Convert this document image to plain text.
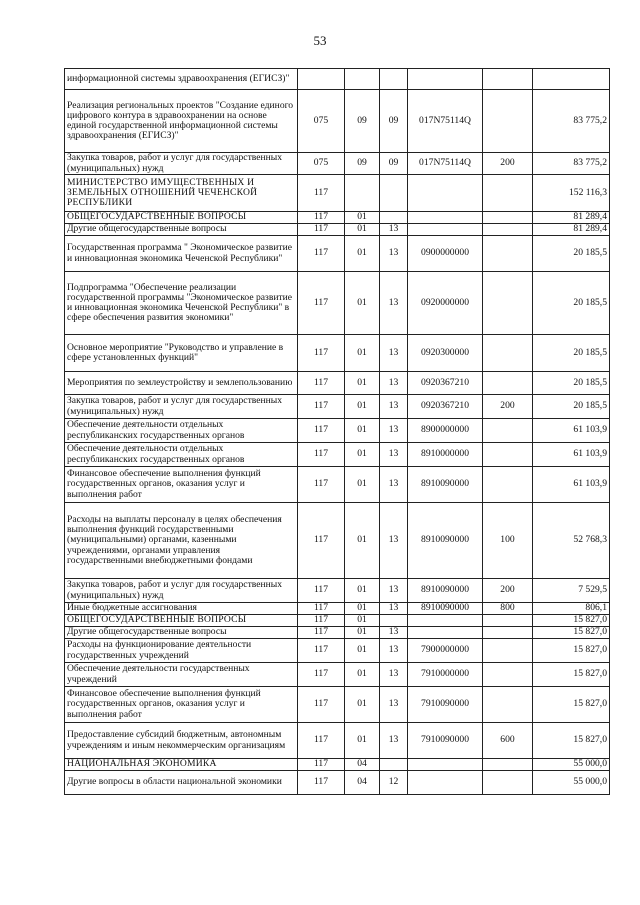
53
информационной системы здравоохранения (ЕГИСЗ)"						
Реализация региональных проектов "Создание единого цифрового контура в здравоохранении на основе единой государственной информационной системы здравоохранения (ЕГИСЗ)"	075	09	09	017N75114Q		83 775,2
Закупка товаров, работ и услуг для государственных (муниципальных) нужд	075	09	09	017N75114Q	200	83 775,2
МИНИСТЕРСТВО ИМУЩЕСТВЕННЫХ И ЗЕМЕЛЬНЫХ ОТНОШЕНИЙ ЧЕЧЕНСКОЙ РЕСПУБЛИКИ	117					152 116,3
ОБЩЕГОСУДАРСТВЕННЫЕ ВОПРОСЫ	117	01				81 289,4
Другие общегосударственные вопросы	117	01	13			81 289,4
Государственная программа " Экономическое развитие и инновационная экономика Чеченской Республики"	117	01	13	0900000000		20 185,5
Подпрограмма "Обеспечение реализации государственной программы "Экономическое развитие и инновационная экономика Чеченской Республики" в сфере обеспечения развития экономики"	117	01	13	0920000000		20 185,5
Основное мероприятие "Руководство и управление в сфере установленных функций"	117	01	13	0920300000		20 185,5
Мероприятия по землеустройству и землепользованию	117	01	13	0920367210		20 185,5
Закупка товаров, работ и услуг для государственных (муниципальных) нужд	117	01	13	0920367210	200	20 185,5
Обеспечение деятельности отдельных республиканских государственных органов	117	01	13	8900000000		61 103,9
Обеспечение деятельности отдельных республиканских государственных органов	117	01	13	8910000000		61 103,9
Финансовое обеспечение выполнения функций государственных органов, оказания услуг и выполнения работ	117	01	13	8910090000		61 103,9
Расходы на выплаты персоналу в целях обеспечения выполнения функций государственными (муниципальными) органами, казенными учреждениями, органами управления государственными внебюджетными фондами	117	01	13	8910090000	100	52 768,3
Закупка товаров, работ и услуг для государственных (муниципальных) нужд	117	01	13	8910090000	200	7 529,5
Иные бюджетные ассигнования	117	01	13	8910090000	800	806,1
ОБЩЕГОСУДАРСТВЕННЫЕ ВОПРОСЫ	117	01				15 827,0
Другие общегосударственные вопросы	117	01	13			15 827,0
Расходы на функционирование деятельности государственных учреждений	117	01	13	7900000000		15 827,0
Обеспечение деятельности государственных учреждений	117	01	13	7910000000		15 827,0
Финансовое обеспечение выполнения функций государственных органов, оказания услуг и выполнения работ	117	01	13	7910090000		15 827,0
Предоставление субсидий бюджетным, автономным учреждениям и иным некоммерческим организациям	117	01	13	7910090000	600	15 827,0
НАЦИОНАЛЬНАЯ ЭКОНОМИКА	117	04				55 000,0
Другие вопросы в области национальной экономики	117	04	12			55 000,0
